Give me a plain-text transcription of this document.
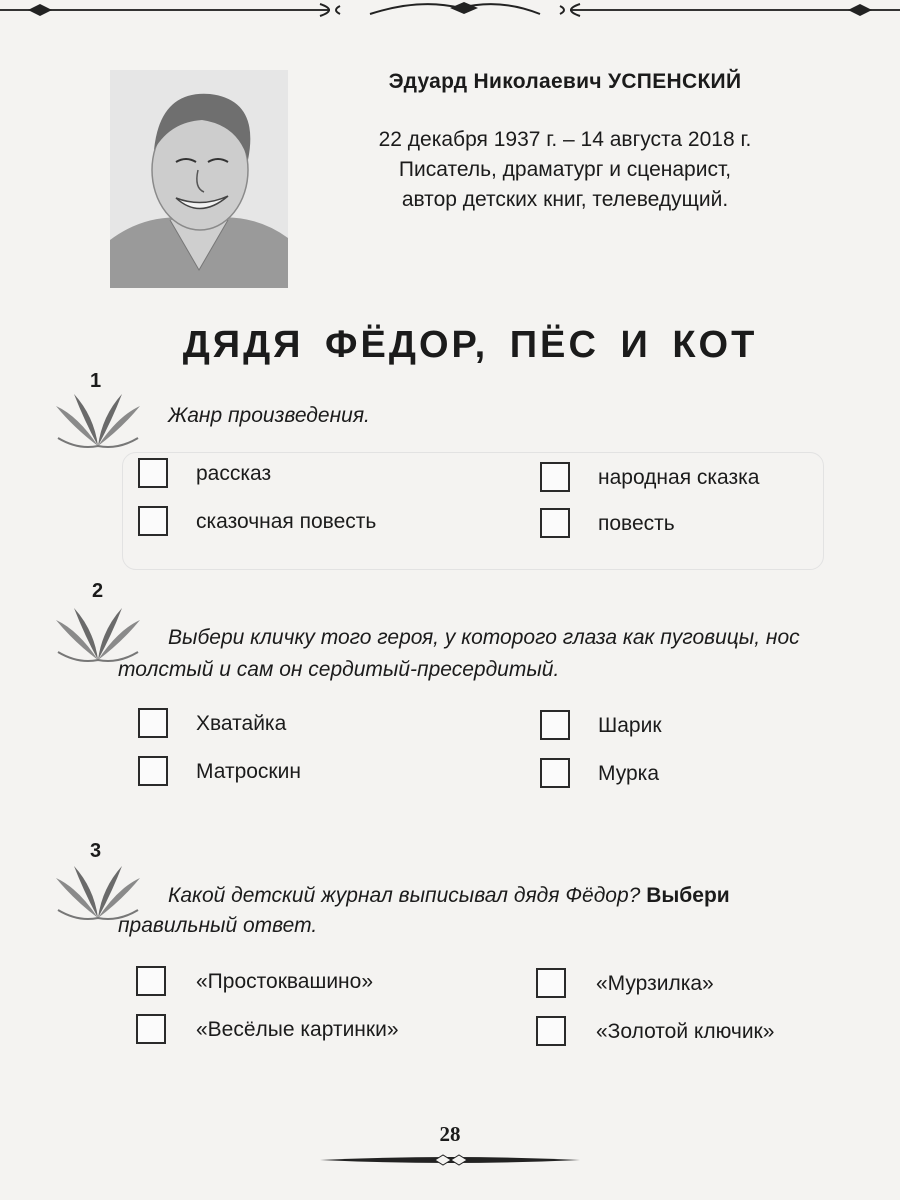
Эдуард Николаевич УСПЕНСКИЙ
22 декабря 1937 г. – 14 августа 2018 г.
Писатель, драматург и сценарист,
автор детских книг, телеведущий.
ДЯДЯ ФЁДОР, ПЁС И КОТ
1
Жанр произведения.
рассказ
сказочная повесть
народная сказка
повесть
2
Выбери кличку того героя, у которого глаза как пуговицы, нос
толстый и сам он сердитый-пресердитый.
Хватайка
Матроскин
Шарик
Мурка
3
Какой детский журнал выписывал дядя Фёдор? Выбери
правильный ответ.
«Простоквашино»
«Весёлые картинки»
«Мурзилка»
«Золотой ключик»
28
